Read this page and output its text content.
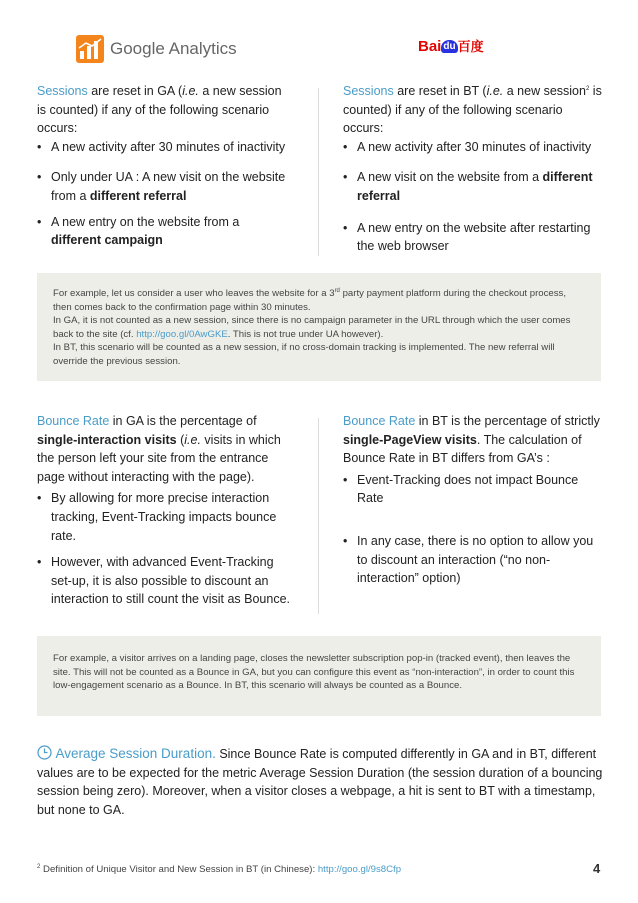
Google Analytics	Bai du 百度

Sessions are reset in GA (i.e. a new session is counted) if any of the following scenario occurs:

• A new activity after 30 minutes of inactivity
• Only under UA : A new visit on the website from a different referral
• A new entry on the website from a different campaign

Sessions are reset in BT (i.e. a new session$^2$ is counted) if any of the following scenario occurs:

• A new activity after 30 minutes of inactivity
• A new visit on the website from a different referral
• A new entry on the website after restarting the web browser

For example, let us consider a user who leaves the website for a 3rd party payment platform during the checkout process, then comes back to the confirmation page within 30 minutes.

In GA, it is not counted as a new session, since there is no campaign parameter in the URL through which the user comes back to the site (cf. http://goo.gl/0AwGKE. This is not true under UA however).

In BT, this scenario will be counted as a new session, if no cross-domain tracking is implemented. The new referral will override the previous session.

Bounce Rate in GA is the percentage of single-interaction visits (i.e. visits in which the person left your site from the entrance page without interacting with the page).

• By allowing for more precise interaction tracking, Event-Tracking impacts bounce rate.
• However, with advanced Event-Tracking set-up, it is also possible to discount an interaction to still count the visit as Bounce.

Bounce Rate in BT is the percentage of strictly single-PageView visits. The calculation of Bounce Rate in BT differs from GA’s :

• Event-Tracking does not impact Bounce Rate
• In any case, there is no option to allow you to discount an interaction (“no non-interaction” option)

For example, a visitor arrives on a landing page, closes the newsletter subscription pop-in (tracked event), then leaves the site. This will not be counted as a Bounce in GA, but you can configure this event as “non-interaction”, in order to count this low-engagement scenario as a Bounce. In BT, this scenario will always be counted as a Bounce.

Average Session Duration. Since Bounce Rate is computed differently in GA and in BT, different values are to be expected for the metric Average Session Duration (the session duration of a bouncing session being zero). Moreover, when a visitor closes a webpage, a hit is sent to BT with a timestamp, but none to GA.
$^2$ Definition of Unique Visitor and New Session in BT (in Chinese): http://goo.gl/9s8Cfp	4
